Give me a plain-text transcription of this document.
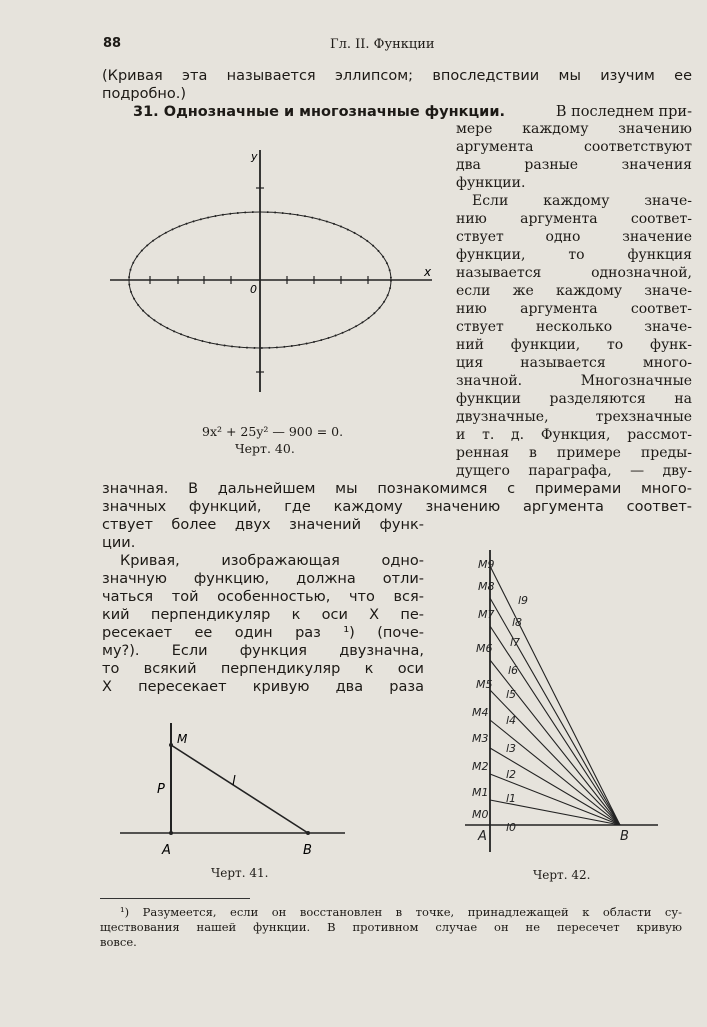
88	Гл. II. Функции
(Кривая эта называется эллипсом; впоследствии мы изучим ее
подробно.)
31. Однозначные и многозначные функции.	В последнем при-
мере каждому значению
аргумента соответствуют
два разные значения
функции.
Если каждому значе-
нию аргумента соответ-
ствует одно значение
функции, то функция
называется однозначной,
если же каждому значе-
нию аргумента соответ-
ствует несколько значе-
ний функции, то функ-
ция называется много-
значной. Многозначные
функции разделяются на
двузначные, трехзначные
и т. д. Функция, рассмот-
ренная в примере преды-
дущего параграфа, — дву-
y
x
0
9x² + 25y² — 900 = 0.
Черт. 40.
значная. В дальнейшем мы познакомимся с примерами много-
значных функций, где каждому значению аргумента соответ-
ствует более двух значений функ-
ции.
Кривая, изображающая одно-
значную функцию, должна отли-
чаться той особенностью, что вся-
кий перпендикуляр к оси X пе-
ресекает ее один раз ¹) (поче-
му?). Если функция двузначна,
то всякий перпендикуляр к оси
X пересекает кривую два раза
M
P
l
A	B
Черт. 41.
M9
M8
M7
M6
M5
M4
M3
M2
M1
M0
l9
l8
l7
l6
l5
l4
l3
l2
l1
l0
A	B
Черт. 42.
¹) Разумеется, если он восстановлен в точке, принадлежащей к области су-
ществования нашей функции. В противном случае он не пересечет кривую
вовсе.
